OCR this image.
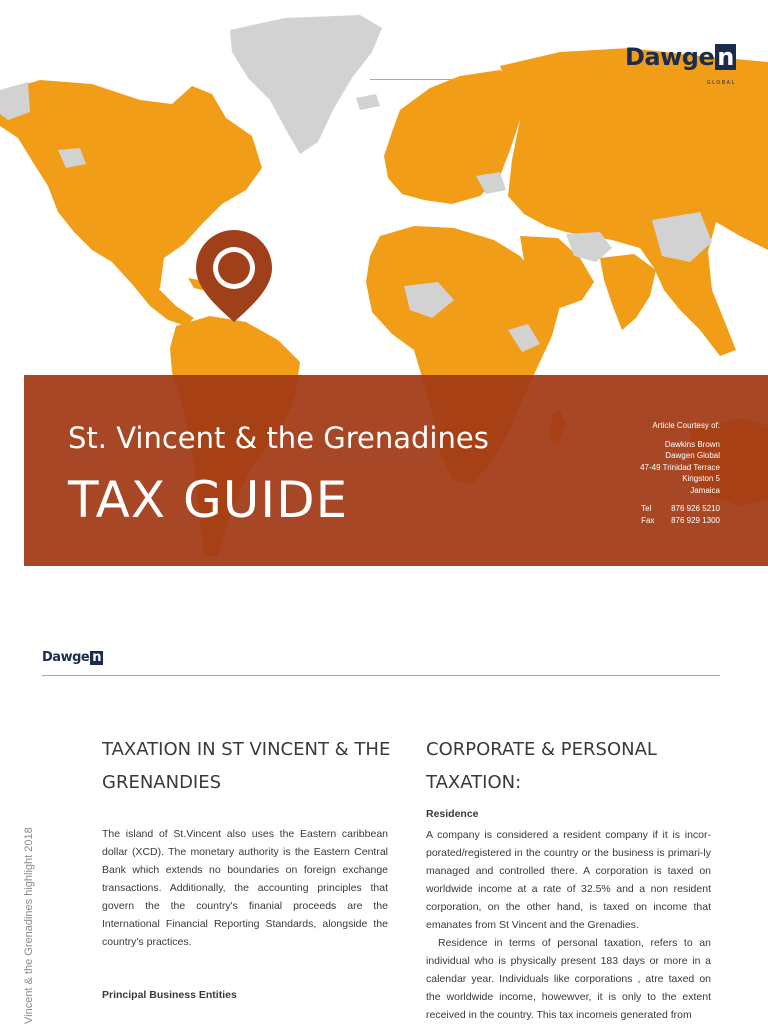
Dawge n
GLOBAL
St. Vincent & the Grenadines
TAX GUIDE
Article Courtesy of:
Dawkins Brown
Dawgen Global
47-49 Trinidad Terrace
Kingston 5
Jamaica
Tel	876 926 5210
Fax	876 929 1300
Dawge n
Vincent & the Grenadines highlight 2018
TAXATION IN ST VINCENT & THE GRENANDIES
The island of St.Vincent also uses the Eastern caribbean dollar (XCD). The monetary authority is the Eastern Central Bank which extends no boundaries on foreign exchange transactions. Additionally, the accounting principles that govern the the country's finanial proceeds are the International Financial Reporting Standards, alongside the country's practices.
Principal Business Entities
CORPORATE & PERSONAL TAXATION:
Residence
A company is considered a resident company if it is incor-porated/registered in the country or the business is primari-ly managed and controlled there. A corporation is taxed on worldwide income at a rate of 32.5% and a non resident corporation, on the other hand, is taxed on income that emanates from St Vincent and the Grenadies.
Residence in terms of personal taxation, refers to an individual who is physically present 183 days or more in a calendar year. Individuals like corporations , atre taxed on the worldwide income, howewver, it is only to the extent received in the country. This tax incomeis generated from
